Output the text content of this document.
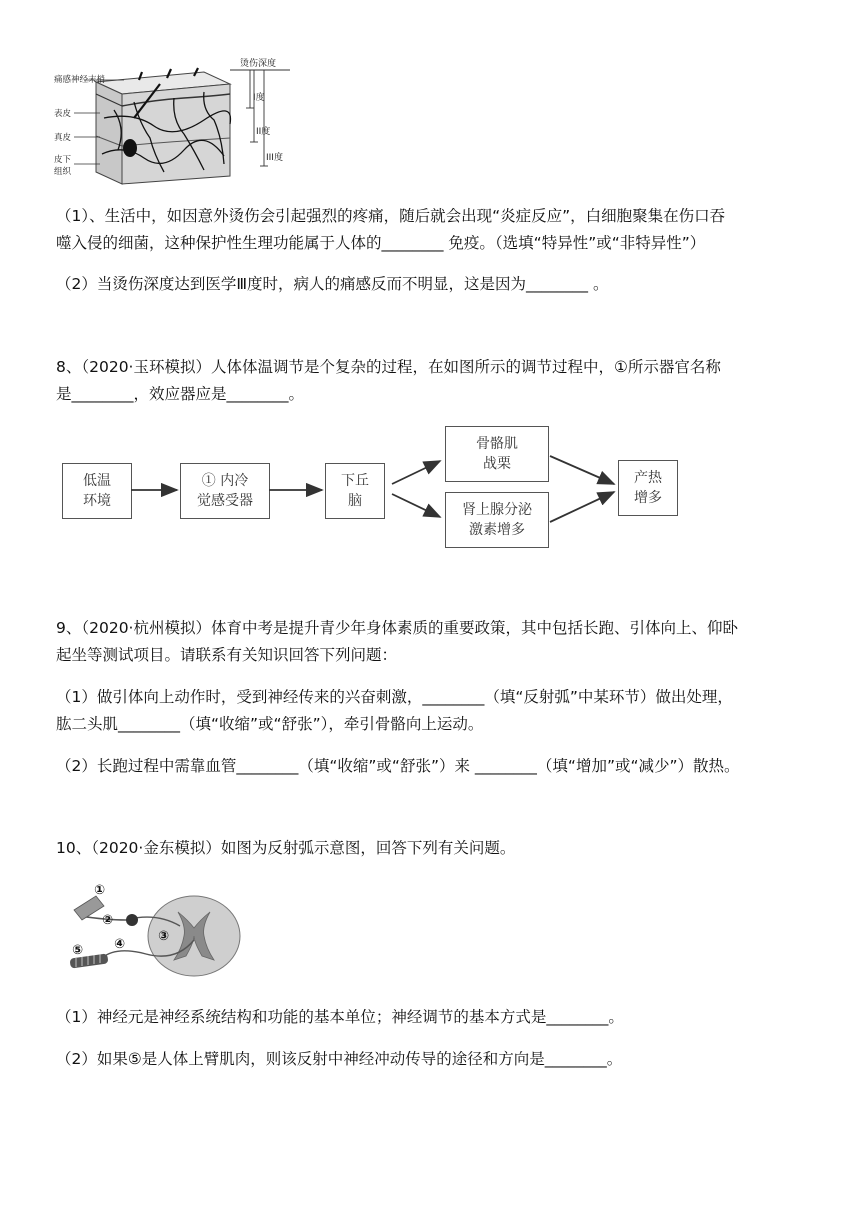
痛感神经末梢
表皮
真皮
皮下
组织
烫伤深度
I度
II度
III度
（1）、生活中，如因意外烫伤会引起强烈的疼痛，随后就会出现“炎症反应”，白细胞聚集在伤口吞
噬入侵的细菌，这种保护性生理功能属于人体的________ 免疫。（选填“特异性”或“非特异性”）
（2）当烫伤深度达到医学Ⅲ度时，病人的痛感反而不明显，这是因为________ 。
8、（2020·玉环模拟）人体体温调节是个复杂的过程，在如图所示的调节过程中，①所示器官名称
是________，效应器应是________。
低温
环境
① 内冷
觉感受器
下丘
脑
骨骼肌
战栗
肾上腺分泌
激素增多
产热
增多
9、（2020·杭州模拟）体育中考是提升青少年身体素质的重要政策，其中包括长跑、引体向上、仰卧
起坐等测试项目。请联系有关知识回答下列问题：
（1）做引体向上动作时，受到神经传来的兴奋刺激，________（填“反射弧”中某环节）做出处理，
肱二头肌________（填“收缩”或“舒张”），牵引骨骼向上运动。
（2）长跑过程中需靠血管________（填“收缩”或“舒张”）来 ________（填“增加”或“减少”）散热。
10、（2020·金东模拟）如图为反射弧示意图，回答下列有关问题。
①
②
③
④
⑤
（1）神经元是神经系统结构和功能的基本单位；神经调节的基本方式是________。
（2）如果⑤是人体上臂肌肉，则该反射中神经冲动传导的途径和方向是________。
